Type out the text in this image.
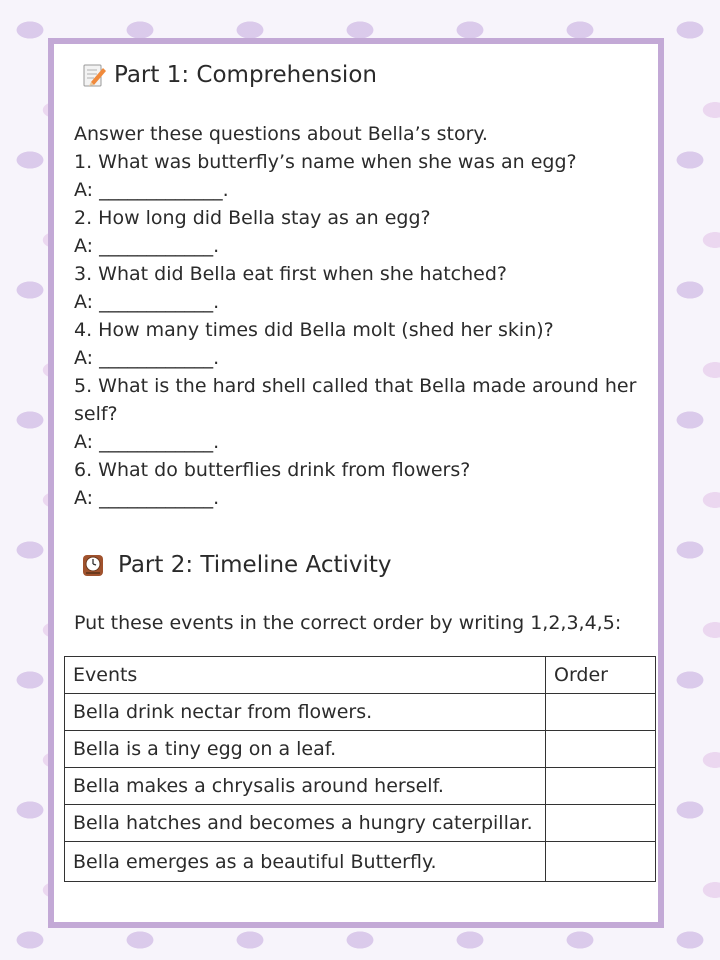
Part 1: Comprehension
Answer these questions about Bella’s story.
1. What was butterfly’s name when she was an egg?
A: _____________.
2. How long did Bella stay as an egg?
A: ____________.
3. What did Bella eat first when she hatched?
A: ____________.
4. How many times did Bella molt (shed her skin)?
A: ____________.
5. What is the hard shell called that Bella made around her self?
A: ____________.
6. What do butterflies drink from flowers?
A: ____________.
Part 2: Timeline Activity
Put these events in the correct order by writing 1,2,3,4,5:
Events	Order
Bella drink nectar from flowers.	
Bella is a tiny egg on a leaf.	
Bella makes a chrysalis around herself.	
Bella hatches and becomes a hungry caterpillar.	
Bella emerges as a beautiful Butterfly.	
